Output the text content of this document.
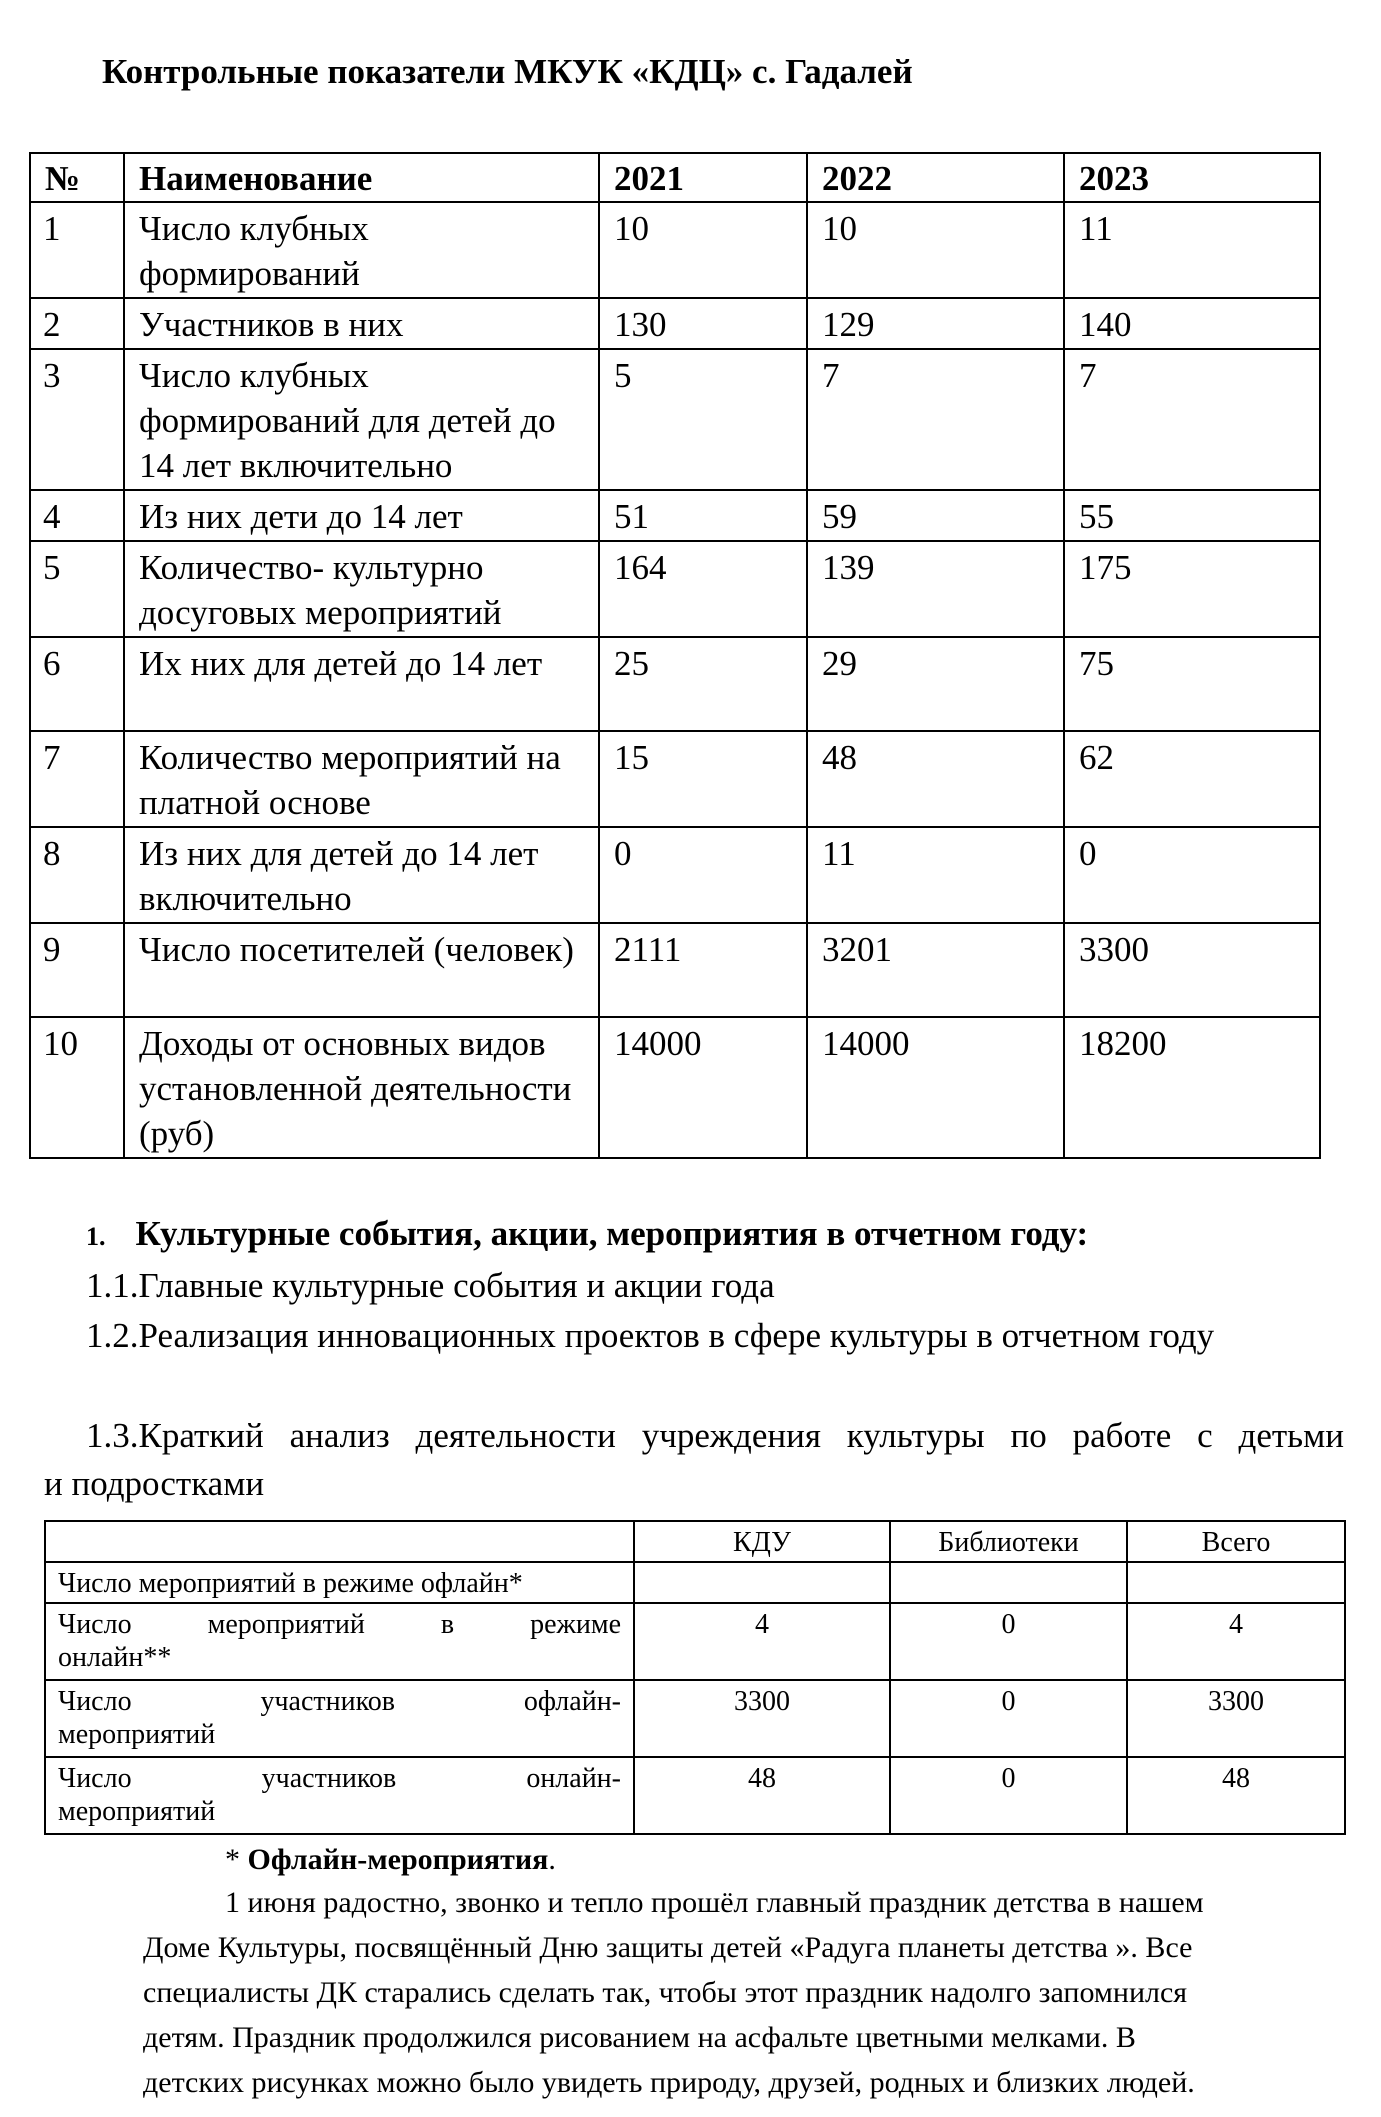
Контрольные показатели МКУК «КДЦ» с. Гадалей
№	Наименование	2021	2022	2023
1	Число клубных формирований	10	10	11
2	Участников в них	130	129	140
3	Число клубных формирований для детей до 14 лет включительно	5	7	7
4	Из них дети до 14 лет	51	59	55
5	Количество- культурно досуговых мероприятий	164	139	175
6	Их них для детей до 14 лет	25	29	75
7	Количество мероприятий на платной основе	15	48	62
8	Из них для детей до 14 лет включительно	0	11	0
9	Число посетителей (человек)	2111	3201	3300
10	Доходы от основных видов установленной деятельности (руб)	14000	14000	18200
1. Культурные события, акции, мероприятия в отчетном году:
1.1.Главные культурные события и акции года
1.2.Реализация инновационных проектов в сфере культуры в отчетном году
1.3.Краткий анализ деятельности учреждения культуры по работе с детьми
и подростками
	КДУ	Библиотеки	Всего
Число мероприятий в режиме офлайн*			

Число мероприятий в режиме
онлайн**	4	0	4

Число участников офлайн-
мероприятий	3300	0	3300

Число участников онлайн-
мероприятий	48	0	48
* Офлайн-мероприятия.
1 июня радостно, звонко и тепло прошёл главный праздник детства в нашем
Доме Культуры, посвящённый Дню защиты детей «Радуга планеты детства ». Все
специалисты ДК старались сделать так, чтобы этот праздник надолго запомнился
детям. Праздник продолжился рисованием на асфальте цветными мелками. В
детских рисунках можно было увидеть природу, друзей, родных и близких людей.
